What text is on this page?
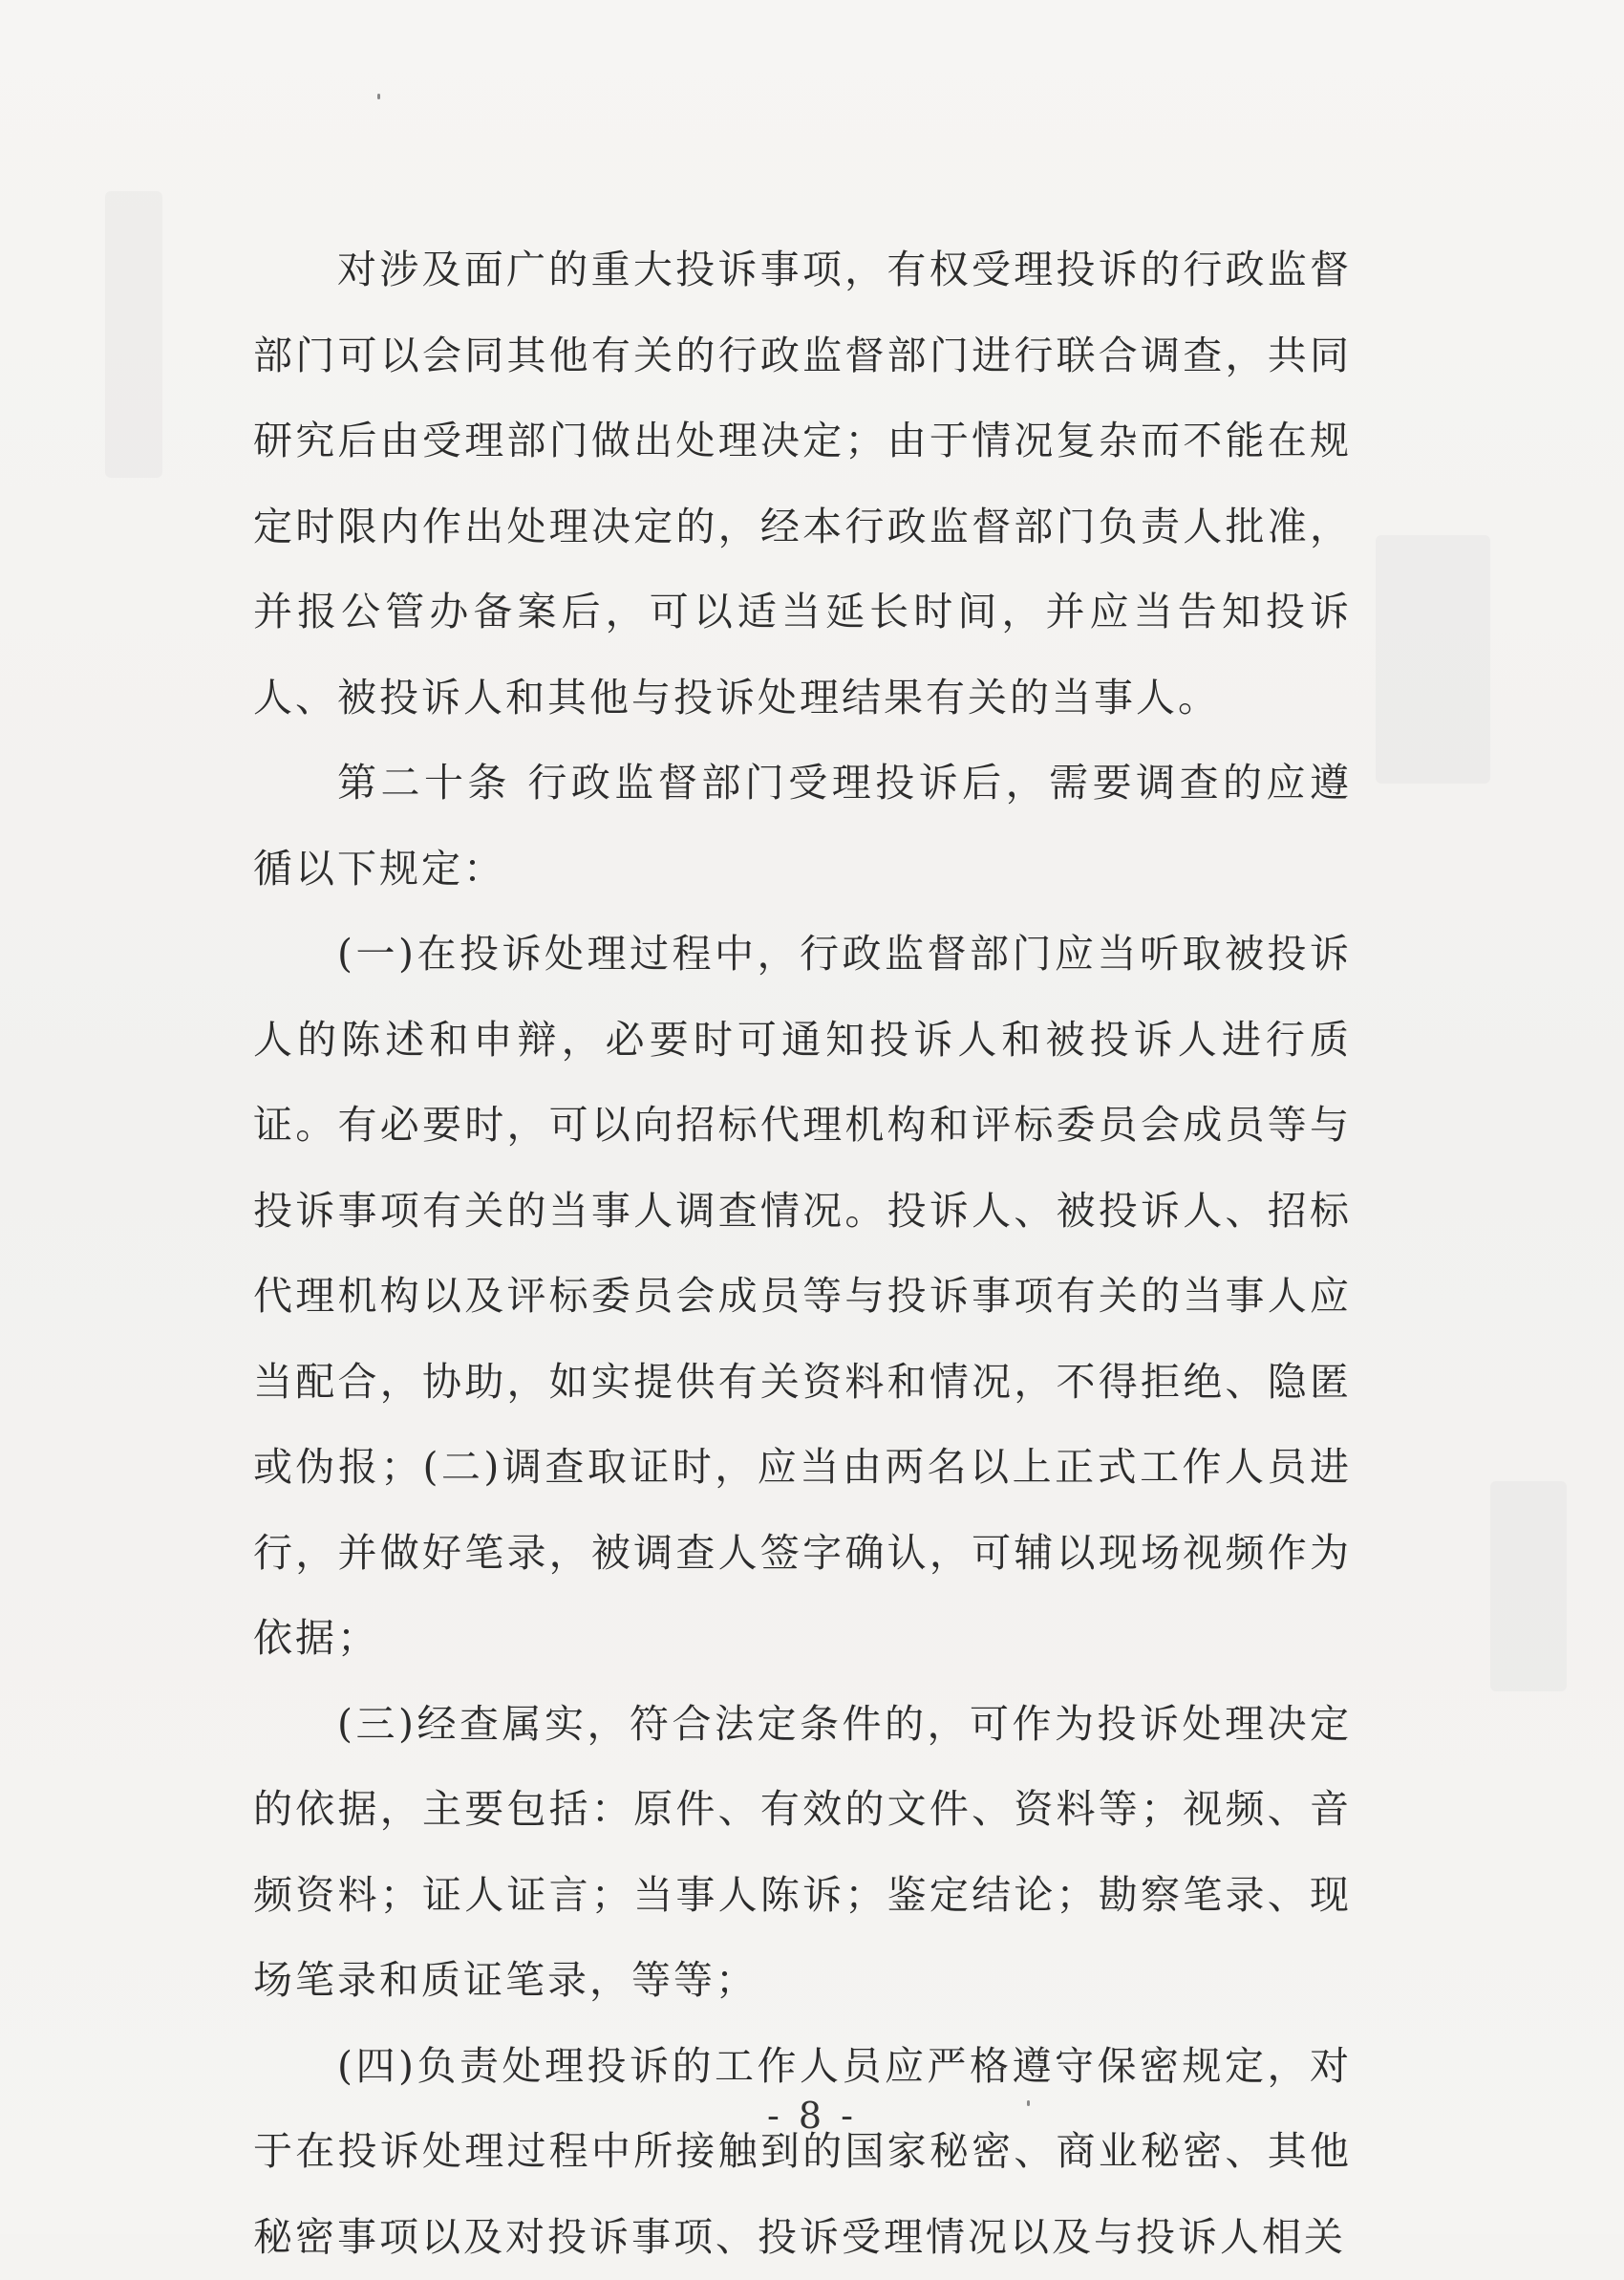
对涉及面广的重大投诉事项，有权受理投诉的行政监督部门可以会同其他有关的行政监督部门进行联合调查，共同研究后由受理部门做出处理决定；由于情况复杂而不能在规定时限内作出处理决定的，经本行政监督部门负责人批准，并报公管办备案后，可以适当延长时间，并应当告知投诉人、被投诉人和其他与投诉处理结果有关的当事人。

第二十条 行政监督部门受理投诉后，需要调查的应遵循以下规定：

(一)在投诉处理过程中，行政监督部门应当听取被投诉人的陈述和申辩，必要时可通知投诉人和被投诉人进行质证。有必要时，可以向招标代理机构和评标委员会成员等与投诉事项有关的当事人调查情况。投诉人、被投诉人、招标代理机构以及评标委员会成员等与投诉事项有关的当事人应当配合，协助，如实提供有关资料和情况，不得拒绝、隐匿或伪报；(二)调查取证时，应当由两名以上正式工作人员进行，并做好笔录，被调查人签字确认，可辅以现场视频作为依据；

(三)经查属实，符合法定条件的，可作为投诉处理决定的依据，主要包括：原件、有效的文件、资料等；视频、音频资料；证人证言；当事人陈诉；鉴定结论；勘察笔录、现场笔录和质证笔录，等等；

(四)负责处理投诉的工作人员应严格遵守保密规定，对于在投诉处理过程中所接触到的国家秘密、商业秘密、其他秘密事项以及对投诉事项、投诉受理情况以及与投诉人相关

- 8 -
